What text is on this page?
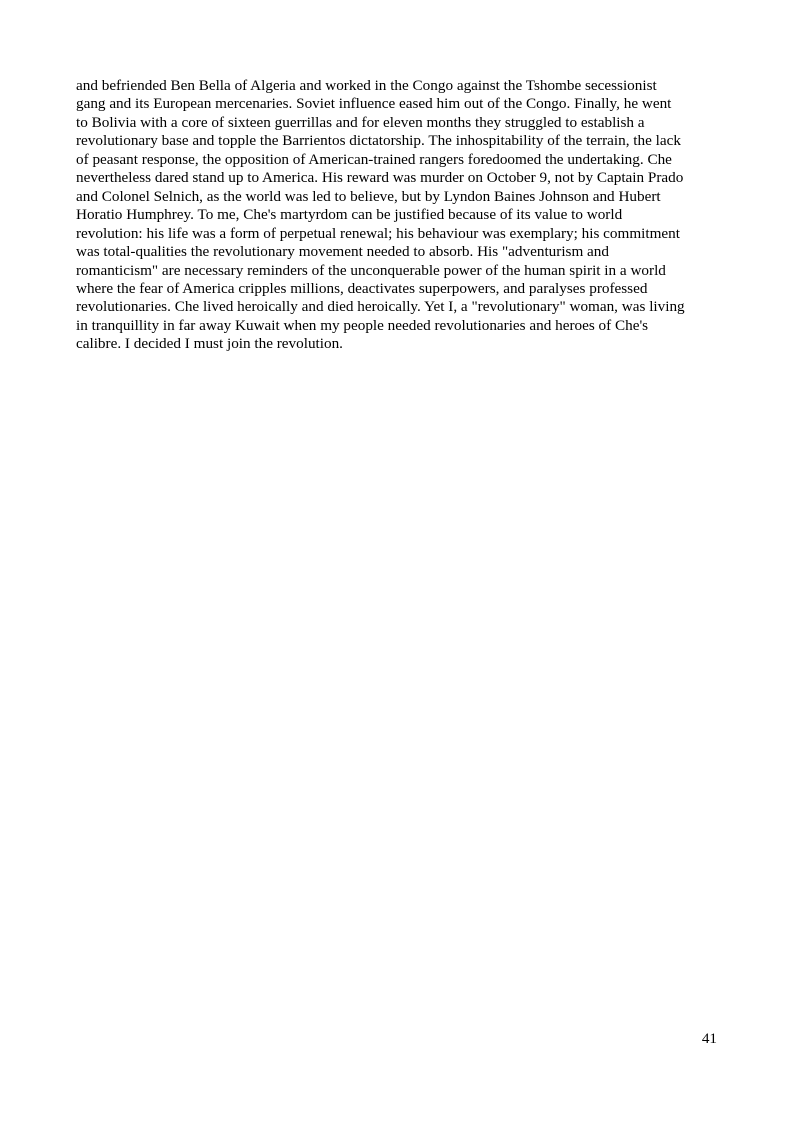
and befriended Ben Bella of Algeria and worked in the Congo against the Tshombe secessionist
gang and its European mercenaries. Soviet influence eased him out of the Congo. Finally, he went
to Bolivia with a core of sixteen guerrillas and for eleven months they struggled to establish a
revolutionary base and topple the Barrientos dictatorship. The inhospitability of the terrain, the lack
of peasant response, the opposition of American-trained rangers foredoomed the undertaking. Che
nevertheless dared stand up to America. His reward was murder on October 9, not by Captain Prado
and Colonel Selnich, as the world was led to believe, but by Lyndon Baines Johnson and Hubert
Horatio Humphrey. To me, Che's martyrdom can be justified because of its value to world
revolution: his life was a form of perpetual renewal; his behaviour was exemplary; his commitment
was total-qualities the revolutionary movement needed to absorb. His "adventurism and
romanticism" are necessary reminders of the unconquerable power of the human spirit in a world
where the fear of America cripples millions, deactivates superpowers, and paralyses professed
revolutionaries. Che lived heroically and died heroically. Yet I, a "revolutionary" woman, was living
in tranquillity in far away Kuwait when my people needed revolutionaries and heroes of Che's
calibre. I decided I must join the revolution.

41
